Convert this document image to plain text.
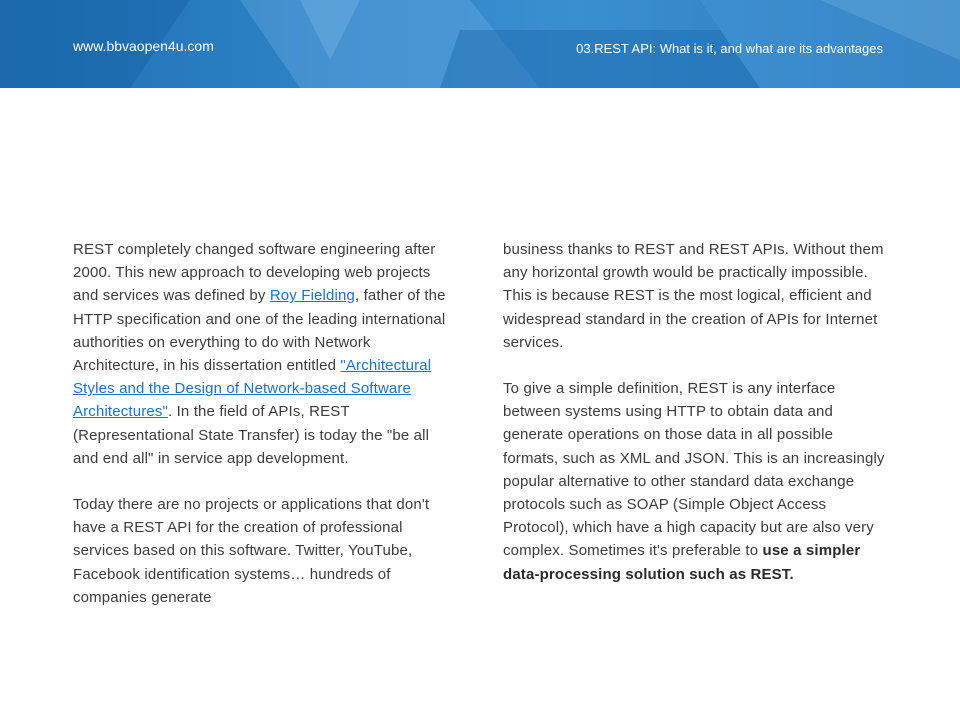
www.bbvaopen4u.com	03.REST API: What is it, and what are its advantages

REST completely changed software engineering after 2000. This new approach to developing web projects and services was defined by Roy Fielding, father of the HTTP specification and one of the leading international authorities on everything to do with Network Architecture, in his dissertation entitled "Architectural Styles and the Design of Network-based Software Architectures". In the field of APIs, REST (Representational State Transfer) is today the "be all and end all" in service app development.

Today there are no projects or applications that don't have a REST API for the creation of professional services based on this software. Twitter, YouTube, Facebook identification systems… hundreds of companies generate

business thanks to REST and REST APIs. Without them any horizontal growth would be practically impossible. This is because REST is the most logical, efficient and widespread standard in the creation of APIs for Internet services.

To give a simple definition, REST is any interface between systems using HTTP to obtain data and generate operations on those data in all possible formats, such as XML and JSON. This is an increasingly popular alternative to other standard data exchange protocols such as SOAP (Simple Object Access Protocol), which have a high capacity but are also very complex. Sometimes it's preferable to use a simpler data-processing solution such as REST.
